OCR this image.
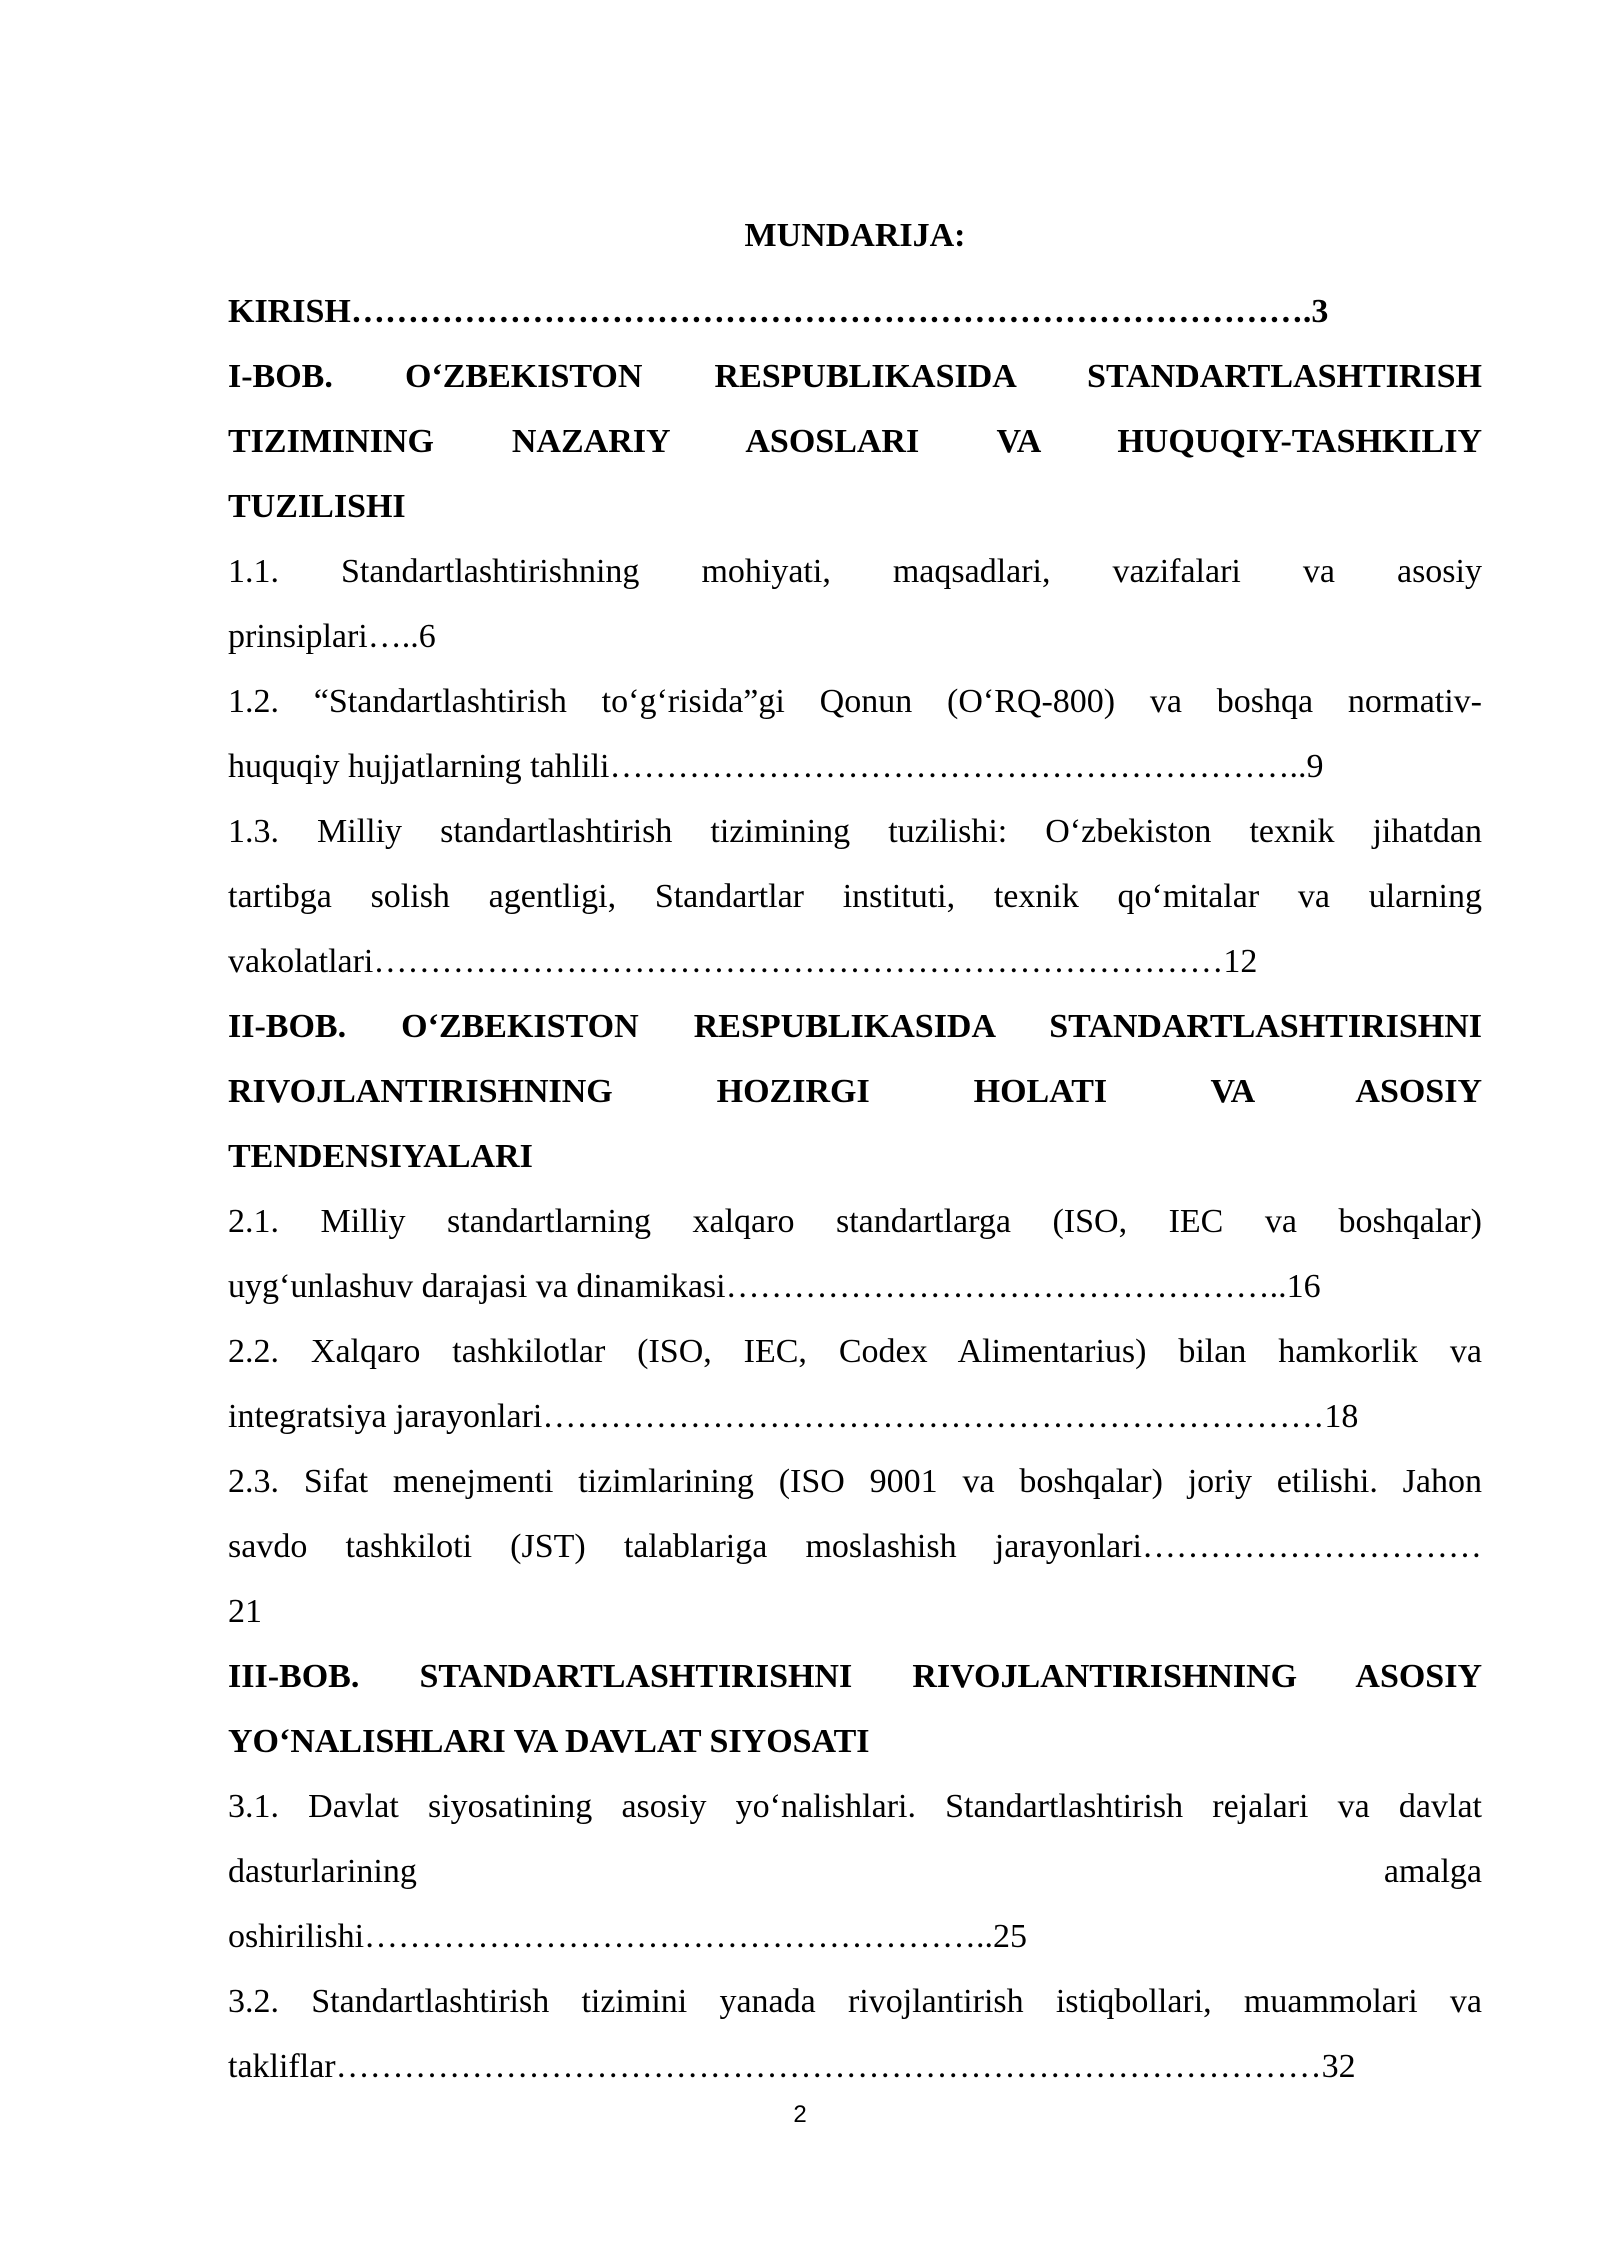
MUNDARIJA:
KIRISH………………………………………………………………………….3
I-BOB. O‘ZBEKISTON RESPUBLIKASIDA STANDARTLASHTIRISH
TIZIMINING NAZARIY ASOSLARI VA HUQUQIY-TASHKILIY
TUZILISHI
1.1. Standartlashtirishning mohiyati, maqsadlari, vazifalari va asosiy
prinsiplari…..6
1.2. “Standartlashtirish to‘g‘risida”gi Qonun (O‘RQ-800) va boshqa normativ-
huquqiy hujjatlarning tahlili……………………………………………………..9
1.3. Milliy standartlashtirish tizimining tuzilishi: O‘zbekiston texnik jihatdan
tartibga solish agentligi, Standartlar instituti, texnik qo‘mitalar va ularning
vakolatlari…………………………………………………………………12
II-BOB. O‘ZBEKISTON RESPUBLIKASIDA STANDARTLASHTIRISHNI
RIVOJLANTIRISHNING HOZIRGI HOLATI VA ASOSIY
TENDENSIYALARI
2.1. Milliy standartlarning xalqaro standartlarga (ISO, IEC va boshqalar)
uyg‘unlashuv darajasi va dinamikasi…………………………………………..16
2.2. Xalqaro tashkilotlar (ISO, IEC, Codex Alimentarius) bilan hamkorlik va
integratsiya jarayonlari……………………………………………………………18
2.3. Sifat menejmenti tizimlarining (ISO 9001 va boshqalar) joriy etilishi. Jahon
savdo tashkiloti (JST) talablariga moslashish jarayonlari…………………………
21
III-BOB. STANDARTLASHTIRISHNI RIVOJLANTIRISHNING ASOSIY
YO‘NALISHLARI VA DAVLAT SIYOSATI
3.1. Davlat siyosatining asosiy yo‘nalishlari. Standartlashtirish rejalari va davlat
dasturlarining amalga
oshirilishi………………………………………………..25
3.2. Standartlashtirish tizimini yanada rivojlantirish istiqbollari, muammolari va
takliflar……………………………………………………………………………32
2
